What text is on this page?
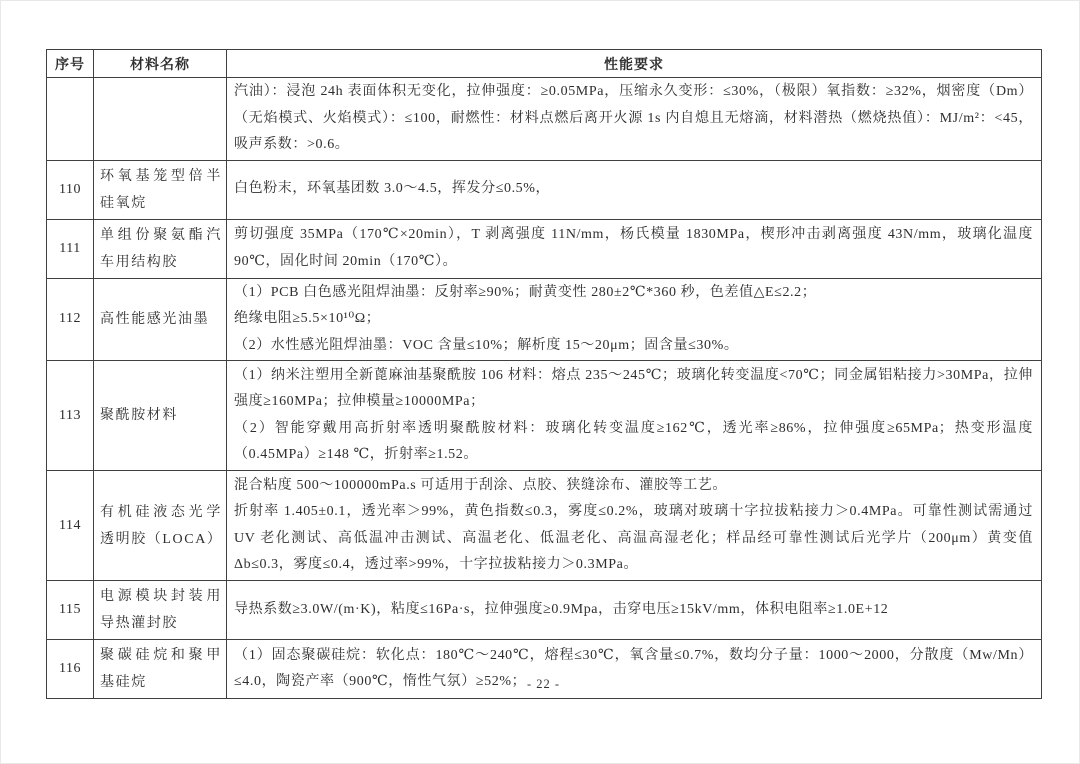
序号	材料名称	性能要求

		汽油）：浸泡 24h 表面体积无变化，拉伸强度：≥0.05MPa，压缩永久变形：≤30%，（极限）氧指数：≥32%，烟密度（Dm）（无焰模式、火焰模式）：≤100，耐燃性：材料点燃后离开火源 1s 内自熄且无熔滴，材料潜热（燃烧热值）：MJ/m²：<45，吸声系数：>0.6。

110	环氧基笼型倍半硅氧烷	白色粉末，环氧基团数 3.0～4.5，挥发分≤0.5%，

111	单组份聚氨酯汽车用结构胶	剪切强度 35MPa（170℃×20min），T 剥离强度 11N/mm，杨氏模量 1830MPa，楔形冲击剥离强度 43N/mm，玻璃化温度 90℃，固化时间 20min（170℃）。

112	高性能感光油墨	（1）PCB 白色感光阻焊油墨：反射率≥90%；耐黄变性 280±2℃*360 秒，色差值△E≤2.2；

绝缘电阻≥5.5×10¹⁰Ω；

（2）水性感光阻焊油墨：VOC 含量≤10%；解析度 15～20μm；固含量≤30%。

113	聚酰胺材料	（1）纳米注塑用全新蓖麻油基聚酰胺 106 材料：熔点 235～245℃；玻璃化转变温度<70℃；同金属铝粘接力>30MPa，拉伸强度≥160MPa；拉伸模量≥10000MPa；

（2）智能穿戴用高折射率透明聚酰胺材料：玻璃化转变温度≥162℃，透光率≥86%，拉伸强度≥65MPa；热变形温度（0.45MPa）≥148 ℃，折射率≥1.52。

114	有机硅液态光学透明胶（LOCA）	混合粘度 500～100000mPa.s 可适用于刮涂、点胶、狭缝涂布、灌胶等工艺。

折射率 1.405±0.1，透光率＞99%，黄色指数≤0.3，雾度≤0.2%，玻璃对玻璃十字拉拔粘接力＞0.4MPa。可靠性测试需通过 UV 老化测试、高低温冲击测试、高温老化、低温老化、高温高湿老化；样品经可靠性测试后光学片（200μm）黄变值Δb≤0.3，雾度≤0.4，透过率>99%，十字拉拔粘接力＞0.3MPa。

115	电源模块封装用导热灌封胶	导热系数≥3.0W/(m·K)，粘度≤16Pa·s，拉伸强度≥0.9Mpa，击穿电压≥15kV/mm，体积电阻率≥1.0E+12

116	聚碳硅烷和聚甲基硅烷	（1）固态聚碳硅烷：软化点：180℃～240℃，熔程≤30℃，氧含量≤0.7%，数均分子量：1000～2000，分散度（Mw/Mn）≤4.0，陶瓷产率（900℃，惰性气氛）≥52%； - 22 -
